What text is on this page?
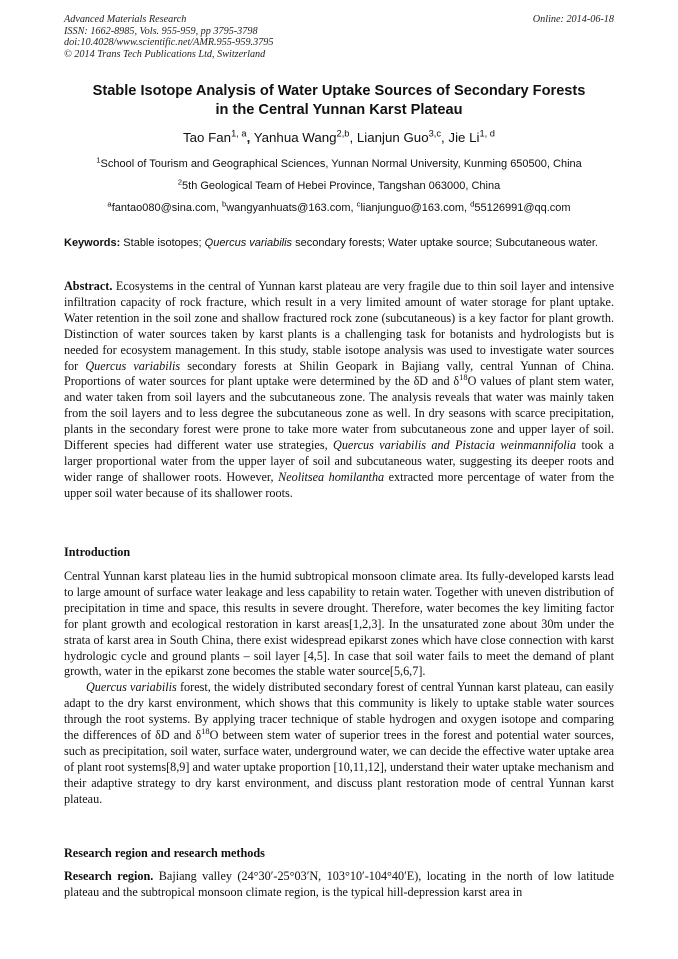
Advanced Materials Research
ISSN: 1662-8985, Vols. 955-959, pp 3795-3798
doi:10.4028/www.scientific.net/AMR.955-959.3795
© 2014 Trans Tech Publications Ltd, Switzerland
Online: 2014-06-18
Stable Isotope Analysis of Water Uptake Sources of Secondary Forests
in the Central Yunnan Karst Plateau
Tao Fan$^{1, a}$, Yanhua Wang$^{2,b}$, Lianjun Guo$^{3,c}$, Jie Li$^{1, d}$
$^1$School of Tourism and Geographical Sciences, Yunnan Normal University, Kunming 650500, China
$^2$5th Geological Team of Hebei Province, Tangshan 063000, China
$^a$fantao080@sina.com, $^b$wangyanhuats@163.com, $^c$lianjunguo@163.com, $^d$55126991@qq.com
Keywords: Stable isotopes; Quercus variabilis secondary forests; Water uptake source; Subcutaneous water.

Abstract. Ecosystems in the central of Yunnan karst plateau are very fragile due to thin soil layer and intensive infiltration capacity of rock fracture, which result in a very limited amount of water storage for plant uptake. Water retention in the soil zone and shallow fractured rock zone (subcutaneous) is a key factor for plant growth. Distinction of water sources taken by karst plants is a challenging task for botanists and hydrologists but is needed for ecosystem management. In this study, stable isotope analysis was used to investigate water sources for Quercus variabilis secondary forests at Shilin Geopark in Bajiang vally, central Yunnan of China. Proportions of water sources for plant uptake were determined by the δD and $\delta^{18}O$ values of plant stem water, and water taken from soil layers and the subcutaneous zone. The analysis reveals that water was mainly taken from the soil layers and to less degree the subcutaneous zone as well. In dry seasons with scarce precipitation, plants in the secondary forest were prone to take more water from subcutaneous zone and upper layer of soil. Different species had different water use strategies, Quercus variabilis and Pistacia weinmannifolia took a larger proportional water from the upper layer of soil and subcutaneous water, suggesting its deeper roots and wider range of shallower roots. However, Neolitsea homilantha extracted more percentage of water from the upper soil water because of its shallower roots.

Introduction

Central Yunnan karst plateau lies in the humid subtropical monsoon climate area. Its fully-developed karsts lead to large amount of surface water leakage and less capability to retain water. Together with uneven distribution of precipitation in time and space, this results in severe drought. Therefore, water becomes the key limiting factor for plant growth and ecological restoration in karst areas[1,2,3]. In the unsaturated zone about 30m under the strata of karst area in South China, there exist widespread epikarst zones which have close connection with karst hydrologic cycle and ground plants – soil layer [4,5]. In case that soil water fails to meet the demand of plant growth, water in the epikarst zone becomes the stable water source[5,6,7].

Quercus variabilis forest, the widely distributed secondary forest of central Yunnan karst plateau, can easily adapt to the dry karst environment, which shows that this community is likely to uptake stable water sources through the root systems. By applying tracer technique of stable hydrogen and oxygen isotope and comparing the differences of δD and $\delta^{18}O$ between stem water of superior trees in the forest and potential water sources, such as precipitation, soil water, surface water, underground water, we can decide the effective water uptake area of plant root systems[8,9] and water uptake proportion [10,11,12], understand their water uptake mechanism and their adaptive strategy to dry karst environment, and discuss plant restoration mode of central Yunnan karst plateau.

Research region and research methods

Research region. Bajiang valley (24°30′-25°03′N, 103°10′-104°40′E), locating in the north of low latitude plateau and the subtropical monsoon climate region, is the typical hill-depression karst area in
